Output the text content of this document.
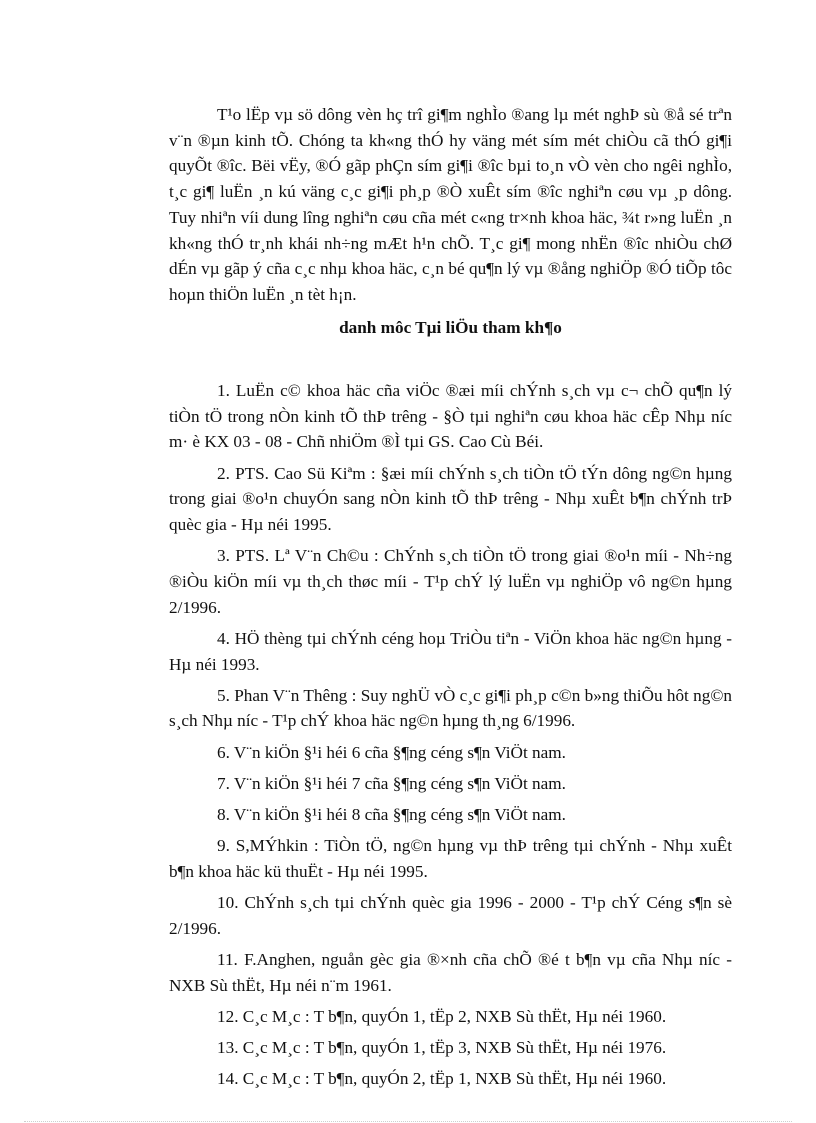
T¹o lËp vµ sö dông vèn hç trî gi¶m nghÌo ®ang lµ mét nghÞ sù ®å sé trªn v¨n ®µn kinh tÕ. Chóng ta kh«ng thÓ hy väng mét sím mét chiÒu cã thÓ gi¶i quyÕt ®îc. Bëi vËy, ®Ó gãp phÇn sím gi¶i ®îc bµi to¸n vÒ vèn cho ngêi nghÌo, t¸c gi¶ luËn ¸n kú väng c¸c gi¶i ph¸p ®Ò xuÊt sím ®îc nghiªn cøu vµ ¸p dông. Tuy nhiªn víi dung lîng nghiªn cøu cña mét c«ng tr×nh khoa häc, ¾t r»ng luËn ¸n kh«ng thÓ tr¸nh khái nh÷ng mÆt h¹n chÕ. T¸c gi¶ mong nhËn ®îc nhiÒu chØ dÉn vµ gãp ý cña c¸c nhµ khoa häc, c¸n bé qu¶n lý vµ ®ång nghiÖp ®Ó tiÕp tôc hoµn thiÖn luËn ¸n tèt h¡n.

danh môc Tµi liÖu tham kh¶o
1. LuËn c© khoa häc cña viÖc ®æi míi chÝnh s¸ch vµ c¬ chÕ qu¶n lý tiÒn tÖ trong nÒn kinh tÕ thÞ trêng - §Ò tµi nghiªn cøu khoa häc cÊp Nhµ níc m· è KX 03 - 08 - Chñ nhiÖm ®Ì tµi GS. Cao Cù Béi.
2. PTS. Cao Sü Kiªm : §æi míi chÝnh s¸ch tiÒn tÖ tÝn dông ng©n hµng trong giai ®o¹n chuyÓn sang nÒn kinh tÕ thÞ trêng - Nhµ xuÊt b¶n chÝnh trÞ quèc gia - Hµ néi 1995.
3. PTS. Lª V¨n Ch©u : ChÝnh s¸ch tiÒn tÖ trong giai ®o¹n míi - Nh÷ng ®iÒu kiÖn míi vµ th¸ch thøc míi - T¹p chÝ lý luËn vµ nghiÖp vô ng©n hµng 2/1996.
4. HÖ thèng tµi chÝnh céng hoµ TriÒu tiªn - ViÖn khoa häc ng©n hµng - Hµ néi 1993.
5. Phan V¨n Thêng : Suy nghÜ vÒ c¸c gi¶i ph¸p c©n b»ng thiÕu hôt ng©n s¸ch Nhµ níc - T¹p chÝ khoa häc ng©n hµng th¸ng 6/1996.
6. V¨n kiÖn §¹i héi 6 cña §¶ng céng s¶n ViÖt nam.
7. V¨n kiÖn §¹i héi 7 cña §¶ng céng s¶n ViÖt nam.
8. V¨n kiÖn §¹i héi 8 cña §¶ng céng s¶n ViÖt nam.
9. S,MÝhkin : TiÒn tÖ, ng©n hµng vµ thÞ trêng tµi chÝnh - Nhµ xuÊt b¶n khoa häc kü thuËt - Hµ néi 1995.
10. ChÝnh s¸ch tµi chÝnh quèc gia 1996 - 2000 - T¹p chÝ Céng s¶n sè 2/1996.
11. F.Anghen, nguån gèc gia ®×nh cña chÕ ®é t b¶n vµ cña Nhµ níc - NXB Sù thËt, Hµ néi n¨m 1961.
12. C¸c M¸c : T b¶n, quyÓn 1, tËp 2, NXB Sù thËt, Hµ néi 1960.
13. C¸c M¸c : T b¶n, quyÓn 1, tËp 3, NXB Sù thËt, Hµ néi 1976.
14. C¸c M¸c : T b¶n, quyÓn 2, tËp 1, NXB Sù thËt, Hµ néi 1960.
